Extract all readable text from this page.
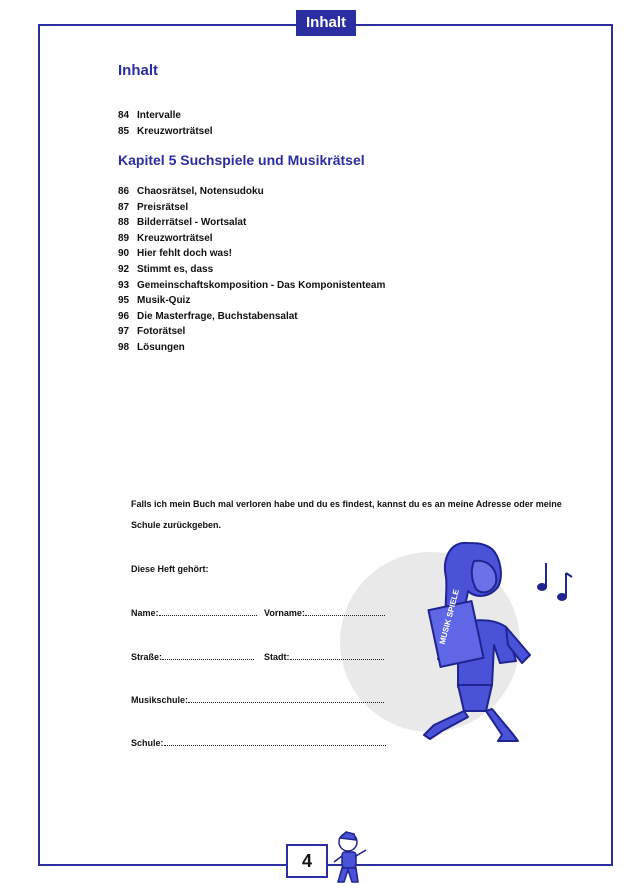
Inhalt
Inhalt
84 Intervalle
85 Kreuzworträtsel
Kapitel 5 Suchspiele und Musikrätsel
86 Chaosrätsel, Notensudoku
87 Preisrätsel
88 Bilderrätsel - Wortsalat
89 Kreuzworträtsel
90 Hier fehlt doch was!
92 Stimmt es, dass
93 Gemeinschaftskomposition - Das Komponistenteam
95 Musik-Quiz
96 Die Masterfrage, Buchstabensalat
97 Fotorätsel
98 Lösungen
Falls ich mein Buch mal verloren habe und du es findest, kannst du es an meine Adresse oder meine
Schule zurückgeben.
Diese Heft gehört:
Name:	Vorname:
Straße:	Stadt:
Musikschule:
Schule:
MUSIK SPIELE
4
